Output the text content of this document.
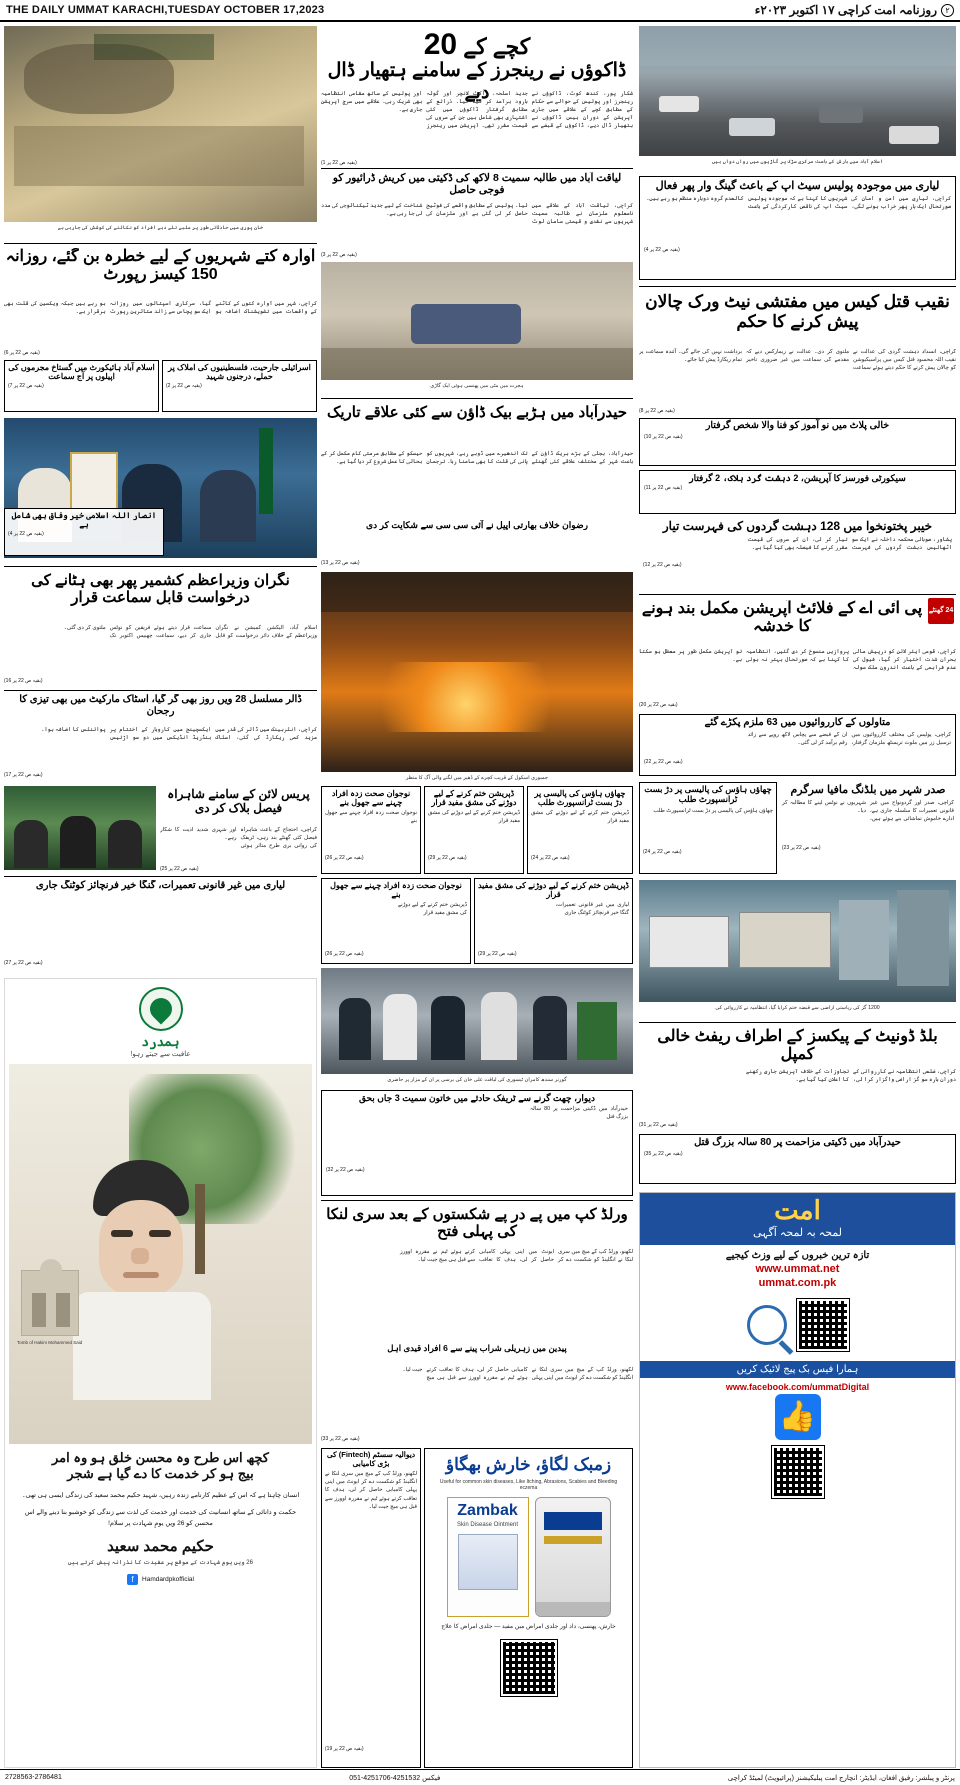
THE DAILY UMMAT KARACHI,TUESDAY OCTOBER 17,2023	روزنامہ امت کراچی ۱۷ اکتوبر ۲۰۲۳ء	۲
خان پوری میں حادثاتی طور پر ملبے تلے دبے افراد کو نکالنے کی کوشش کی جارہی ہے
کچے کے 20
ڈاکوؤں نے رینجرز کے سامنے ہتھیار ڈال دیے	شکار پور، کندھ کوٹ، ڈاکوؤں نے رینجرز اور پولیس کے حوالے سے حکام کے مطابق کچے کے علاقے میں جاری آپریشن کے دوران بیس ڈاکوؤں نے ہتھیار ڈال دیے، ڈاکوؤں کے قبضے سے جدید اسلحہ، راکٹ لانچر اور گولہ بارود برآمد کر لیا گیا۔ ذرائع کے مطابق گرفتار ڈاکوؤں میں کئی اشتہاری بھی شامل ہیں جن کے سروں کی قیمت مقرر تھی۔ آپریشن میں رینجرز اور پولیس کے ساتھ مقامی انتظامیہ بھی شریک رہی۔ علاقے میں سرچ آپریشن جاری ہے۔
(بقیہ ص 22 پر 1)	اسلام آباد میں بارش کے باعث مرکزی سڑک پر گاڑیوں میں رواں دواں ہیں
لیاقت آباد میں طالبہ سمیت 8 لاکھ کی ڈکیتی میں کریش ڈرائیور کو فوجی حاصل
کراچی، لیاقت آباد کے علاقے میں نامعلوم ملزمان نے طالبہ سمیت شہریوں سے نقدی و قیمتی سامان لوٹ لیا۔ پولیس کے مطابق واقعے کی فوٹیج حاصل کر لی گئی ہے اور ملزمان کی شناخت کے لیے جدید ٹیکنالوجی کی مدد لی جا رہی ہے۔
(بقیہ ص 22 پر 3)
لیاری میں موجودہ پولیس سیٹ اپ کے باعث گینگ وار پھر فعال
کراچی، لیاری میں امن و امان کی صورتحال ایک بار پھر خراب ہونے لگی، شہریوں کا کہنا ہے کہ موجودہ پولیس سیٹ اپ کی ناقص کارکردگی کے باعث کالعدم گروہ دوبارہ منظم ہو رہے ہیں۔
(بقیہ ص 22 پر 4)
آوارہ کتے شہریوں کے لیے خطرہ بن گئے، روزانہ 150 کیسز رپورٹ
کراچی، شہر میں آوارہ کتوں کے کاٹنے کے واقعات میں تشویشناک اضافہ ہو گیا، سرکاری اسپتالوں میں روزانہ ایک سو پچاس سے زائد متاثرین رپورٹ ہو رہے ہیں جبکہ ویکسین کی قلت بھی برقرار ہے۔
(بقیہ ص 22 پر 6)
اسلام آباد ہائیکورٹ میں گستاخ مجرموں کی اپیلوں پر آج سماعت
(بقیہ ص 22 پر 7)
اسرائیلی جارحیت، فلسطینیوں کی املاک پر حملے، درجنوں شہید
(بقیہ ص 22 پر 2)	ہجرت میں مٹی میں پھنسی ہوئی ایک گاڑی
نقیب قتل کیس میں مفتشی نیٹ ورک چالان پیش کرنے کا حکم
کراچی، انسداد دہشت گردی کی عدالت نے نقیب اللہ محسود قتل کیس میں پراسیکیوشن کو چالان پیش کرنے کا حکم دیتے ہوئے سماعت ملتوی کر دی۔ عدالت نے ریمارکس دیے کہ مقدمے کی سماعت میں غیر ضروری تاخیر برداشت نہیں کی جائے گی۔ آئندہ سماعت پر تمام ریکارڈ پیش کیا جائے۔
(بقیہ ص 22 پر 8)
حیدرآباد میں ہڑبے بیک ڈاؤن سے کئی علاقے تاریک
حیدرآباد، بجلی کے بڑے بریک ڈاؤن کے باعث شہر کے مختلف علاقے کئی گھنٹے تک اندھیرے میں ڈوبے رہے، شہریوں کو پانی کی قلت کا بھی سامنا رہا۔ ترجمان حیسکو کے مطابق مرمتی کام مکمل کر کے بحالی کا عمل شروع کر دیا گیا ہے۔
رضوان خلاف بھارتی اپیل نے آئی سی سی سے شکایت کر دی
(بقیہ ص 22 پر 13)
خالی پلاٹ میں نو آموز کو فنا والا شخص گرفتار
(بقیہ ص 22 پر 10)
سیکورٹی فورسز کا آپریشن، 2 دہشت گرد ہلاک، 2 گرفتار
(بقیہ ص 22 پر 11)
خیبر پختونخوا میں 128 دہشت گردوں کی فہرست تیار
پشاور، صوبائی محکمہ داخلہ نے ایک سو اٹھائیس دہشت گردوں کی فہرست تیار کر لی، ان کے سروں کی قیمت مقرر کرنے کا فیصلہ بھی کیا گیا ہے۔
(بقیہ ص 22 پر 12)
انصار اللہ اسلامی خیر وفاق بھی شامل ہے
(بقیہ ص 22 پر 4)
نگران وزیراعظم کشمیر پھر بھی ہٹانے کی درخواست قابل سماعت قرار
اسلام آباد، الیکشن کمیشن نے نگران وزیراعظم کے خلاف دائر درخواست کو قابل سماعت قرار دیتے ہوئے فریقین کو نوٹس جاری کر دیے، سماعت چھبیس اکتوبر تک ملتوی کر دی گئی۔
(بقیہ ص 22 پر 16)
ڈالر مسلسل 28 ویں روز بھی گر گیا، اسٹاک مارکیٹ میں بھی تیزی کا رجحان
کراچی، انٹربینک میں ڈالر کی قدر میں مزید کمی ریکارڈ کی گئی، اسٹاک ایکسچینج میں کاروبار کے اختتام پر ہنڈریڈ انڈیکس میں دو سو اڑتیس پوائنٹس کا اضافہ ہوا۔
(بقیہ ص 22 پر 17)	جمبوری اسکول کے قریب کچرے کے ڈھیر میں لگنے والی آگ کا منظر
24 گھنٹے
پی آئی اے کے فلائٹ آپریشن مکمل بند ہونے کا خدشہ
کراچی، قومی ایئر لائن کو درپیش مالی بحران شدت اختیار کر گیا، فیول کی عدم فراہمی کے باعث اندرون ملک سولہ پروازیں منسوخ کر دی گئیں، انتظامیہ کا کہنا ہے کہ صورتحال بہتر نہ ہوئی تو آپریشن مکمل طور پر معطل ہو سکتا ہے۔
(بقیہ ص 22 پر 20)
متاولوں کے کارروائیوں میں 63 ملزم پکڑے گئے
کراچی، پولیس کی مختلف کارروائیوں میں ترسیل زر میں ملوث تریسٹھ ملزمان گرفتار، ان کے قبضے سے پچاس لاکھ روپے سے زائد رقم برآمد کر لی گئی۔
(بقیہ ص 22 پر 22)
صدر شہر میں بلڈنگ مافیا سرگرم
کراچی، صدر اور گردونواح میں غیر قانونی تعمیرات کا سلسلہ جاری ہے، ادارے خاموش تماشائی بنے ہوئے ہیں، شہریوں نے نوٹس لینے کا مطالبہ کر دیا۔
(بقیہ ص 22 پر 23)
چھاؤں ہاؤس کی پالیسی پر دڑ بست ٹرانسپورٹ طلب
چھاؤں ہاؤس کی پالیسی پر دڑ بست ٹرانسپورٹ طلب
(بقیہ ص 22 پر 24)
پریس لائن کے سامنے شاہراہ فیصل بلاک کر دی
کراچی، احتجاج کے باعث شاہراہ فیصل کئی گھنٹے بند رہی، ٹریفک کی روانی بری طرح متاثر ہوئی اور شہری شدید اذیت کا شکار رہے۔
(بقیہ ص 22 پر 25)
نوجوان صحت زدہ افراد چہنے سے جھول بنے
نوجوان صحت زدہ افراد چہنے سے جھول بنے
(بقیہ ص 22 پر 26)
ڈپریشن ختم کرنے کے لیے دوڑنے کی مشق مفید قرار
ڈپریشن ختم کرنے کے لیے دوڑنے کی مشق مفید قرار
(بقیہ ص 22 پر 29)
چھاؤں ہاؤس کی پالیسی پر دڑ بست ٹرانسپورٹ طلب
ڈپریشن ختم کرنے کے لیے دوڑنے کی مشق مفید قرار
(بقیہ ص 22 پر 24)
لیاری میں غیر قانونی تعمیرات، گنگا خیر فرنچائز کوٹنگ جاری
(بقیہ ص 22 پر 27)
نوجوان صحت زدہ افراد چہنے سے جھول بنے
ڈپریشن ختم کرنے کے لیے دوڑنے کی مشق مفید قرار
(بقیہ ص 22 پر 26)
ڈپریشن ختم کرنے کے لیے دوڑنے کی مشق مفید قرار
لیاری میں غیر قانونی تعمیرات، گنگا خیر فرنچائز کوٹنگ جاری
(بقیہ ص 22 پر 29)
1200 گز کی ریاستی اراضی سے قبضہ ختم کرایا گیا، انتظامیہ نے کارروائی کی
گورنر سندھ کامران ٹیسوری کی لیاقت علی خان کی برسی پر ان کے مزار پر حاضری
بلڈ ڈونیٹ کے پیکسز کے اطراف ریفٹ خالی کمپل
کراچی، ضلعی انتظامیہ نے کارروائی کے دوران بارہ سو گز اراضی واگزار کرا لی، تجاوزات کے خلاف آپریشن جاری رکھنے کا اعلان کیا گیا ہے۔
(بقیہ ص 22 پر 31)
حیدرآباد میں ڈکیتی مزاحمت پر 80 سالہ بزرگ قتل
(بقیہ ص 22 پر 35)
دیوار، چھت گرنے سے ٹریفک حادثے میں خاتون سمیت 3 جاں بحق
حیدرآباد میں ڈکیتی مزاحمت پر 80 سالہ بزرگ قتل
(بقیہ ص 22 پر 32)
ورلڈ کپ میں پے در پے شکستوں کے بعد سری لنکا کی پہلی فتح
لکھنو، ورلڈ کپ کے میچ میں سری لنکا نے انگلینڈ کو شکست دے کر ایونٹ میں اپنی پہلی کامیابی حاصل کر لی، ہدف کا تعاقب کرتے ہوئے ٹیم نے مقررہ اوورز سے قبل ہی میچ جیت لیا۔
پیدین میں زہریلی شراب پینے سے 6 افراد قیدی اہل
لکھنو، ورلڈ کپ کے میچ میں سری لنکا نے انگلینڈ کو شکست دے کر ایونٹ میں اپنی پہلی کامیابی حاصل کر لی، ہدف کا تعاقب کرتے ہوئے ٹیم نے مقررہ اوورز سے قبل ہی میچ جیت لیا۔
(بقیہ ص 22 پر 33)
دیوالیہ سسٹم (Fintech) کی بڑی کامیابی
لکھنو، ورلڈ کپ کے میچ میں سری لنکا نے انگلینڈ کو شکست دے کر ایونٹ میں اپنی پہلی کامیابی حاصل کر لی، ہدف کا تعاقب کرتے ہوئے ٹیم نے مقررہ اوورز سے قبل ہی میچ جیت لیا۔
(بقیہ ص 22 پر 19)
زمبک لگاؤ، خارش بھگاؤ
Useful for common skin diseases, Like Itching, Abrasions, Scabies and Bleeding eczema
Zambak
Skin Disease Ointment
خارش، پھنسی، داد اور جلدی امراض میں مفید — جلدی امراض کا علاج
ہمدرد
عافیت سے جیتے رہو!
Tomb of Hakim Mohammed Said
کچھ اس طرح وہ محسن خلق ہو وہ امر
بیج ہو کر خدمت کا دے گیا ہے شجر
انسان چاہتا ہے کہ اس کے عظیم کارنامے زندہ رہیں، شہید حکیم محمد سعید کی زندگی ایسی ہی تھی۔
حکمت و دانائی کے ساتھ انسانیت کی خدمت اور خدمت کی لذت سے زندگی کو خوشبو بنا دینے والے اس محسن کو 26 ویں یومِ شہادت پر سلام!
حکیم محمد سعید
26 ویں یومِ شہادت کے موقع پر عقیدت کا نذرانہ پیش کرتے ہیں
f	Hamdardpkofficial
امت
لمحہ بہ لمحہ آگہی
تازہ ترین خبروں کے لیے وزٹ کیجیے
www.ummat.net
ummat.com.pk
ہمارا فیس بک پیج لائیک کریں
www.facebook.com/ummatDigital
👍
2728563-2786481	051-4251706-4251532 فیکس	پرنٹر و پبلشر: رفیق افغان، ایڈیٹر: انچارج امت پبلیکیشنز (پرائیویٹ) لمیٹڈ کراچی
